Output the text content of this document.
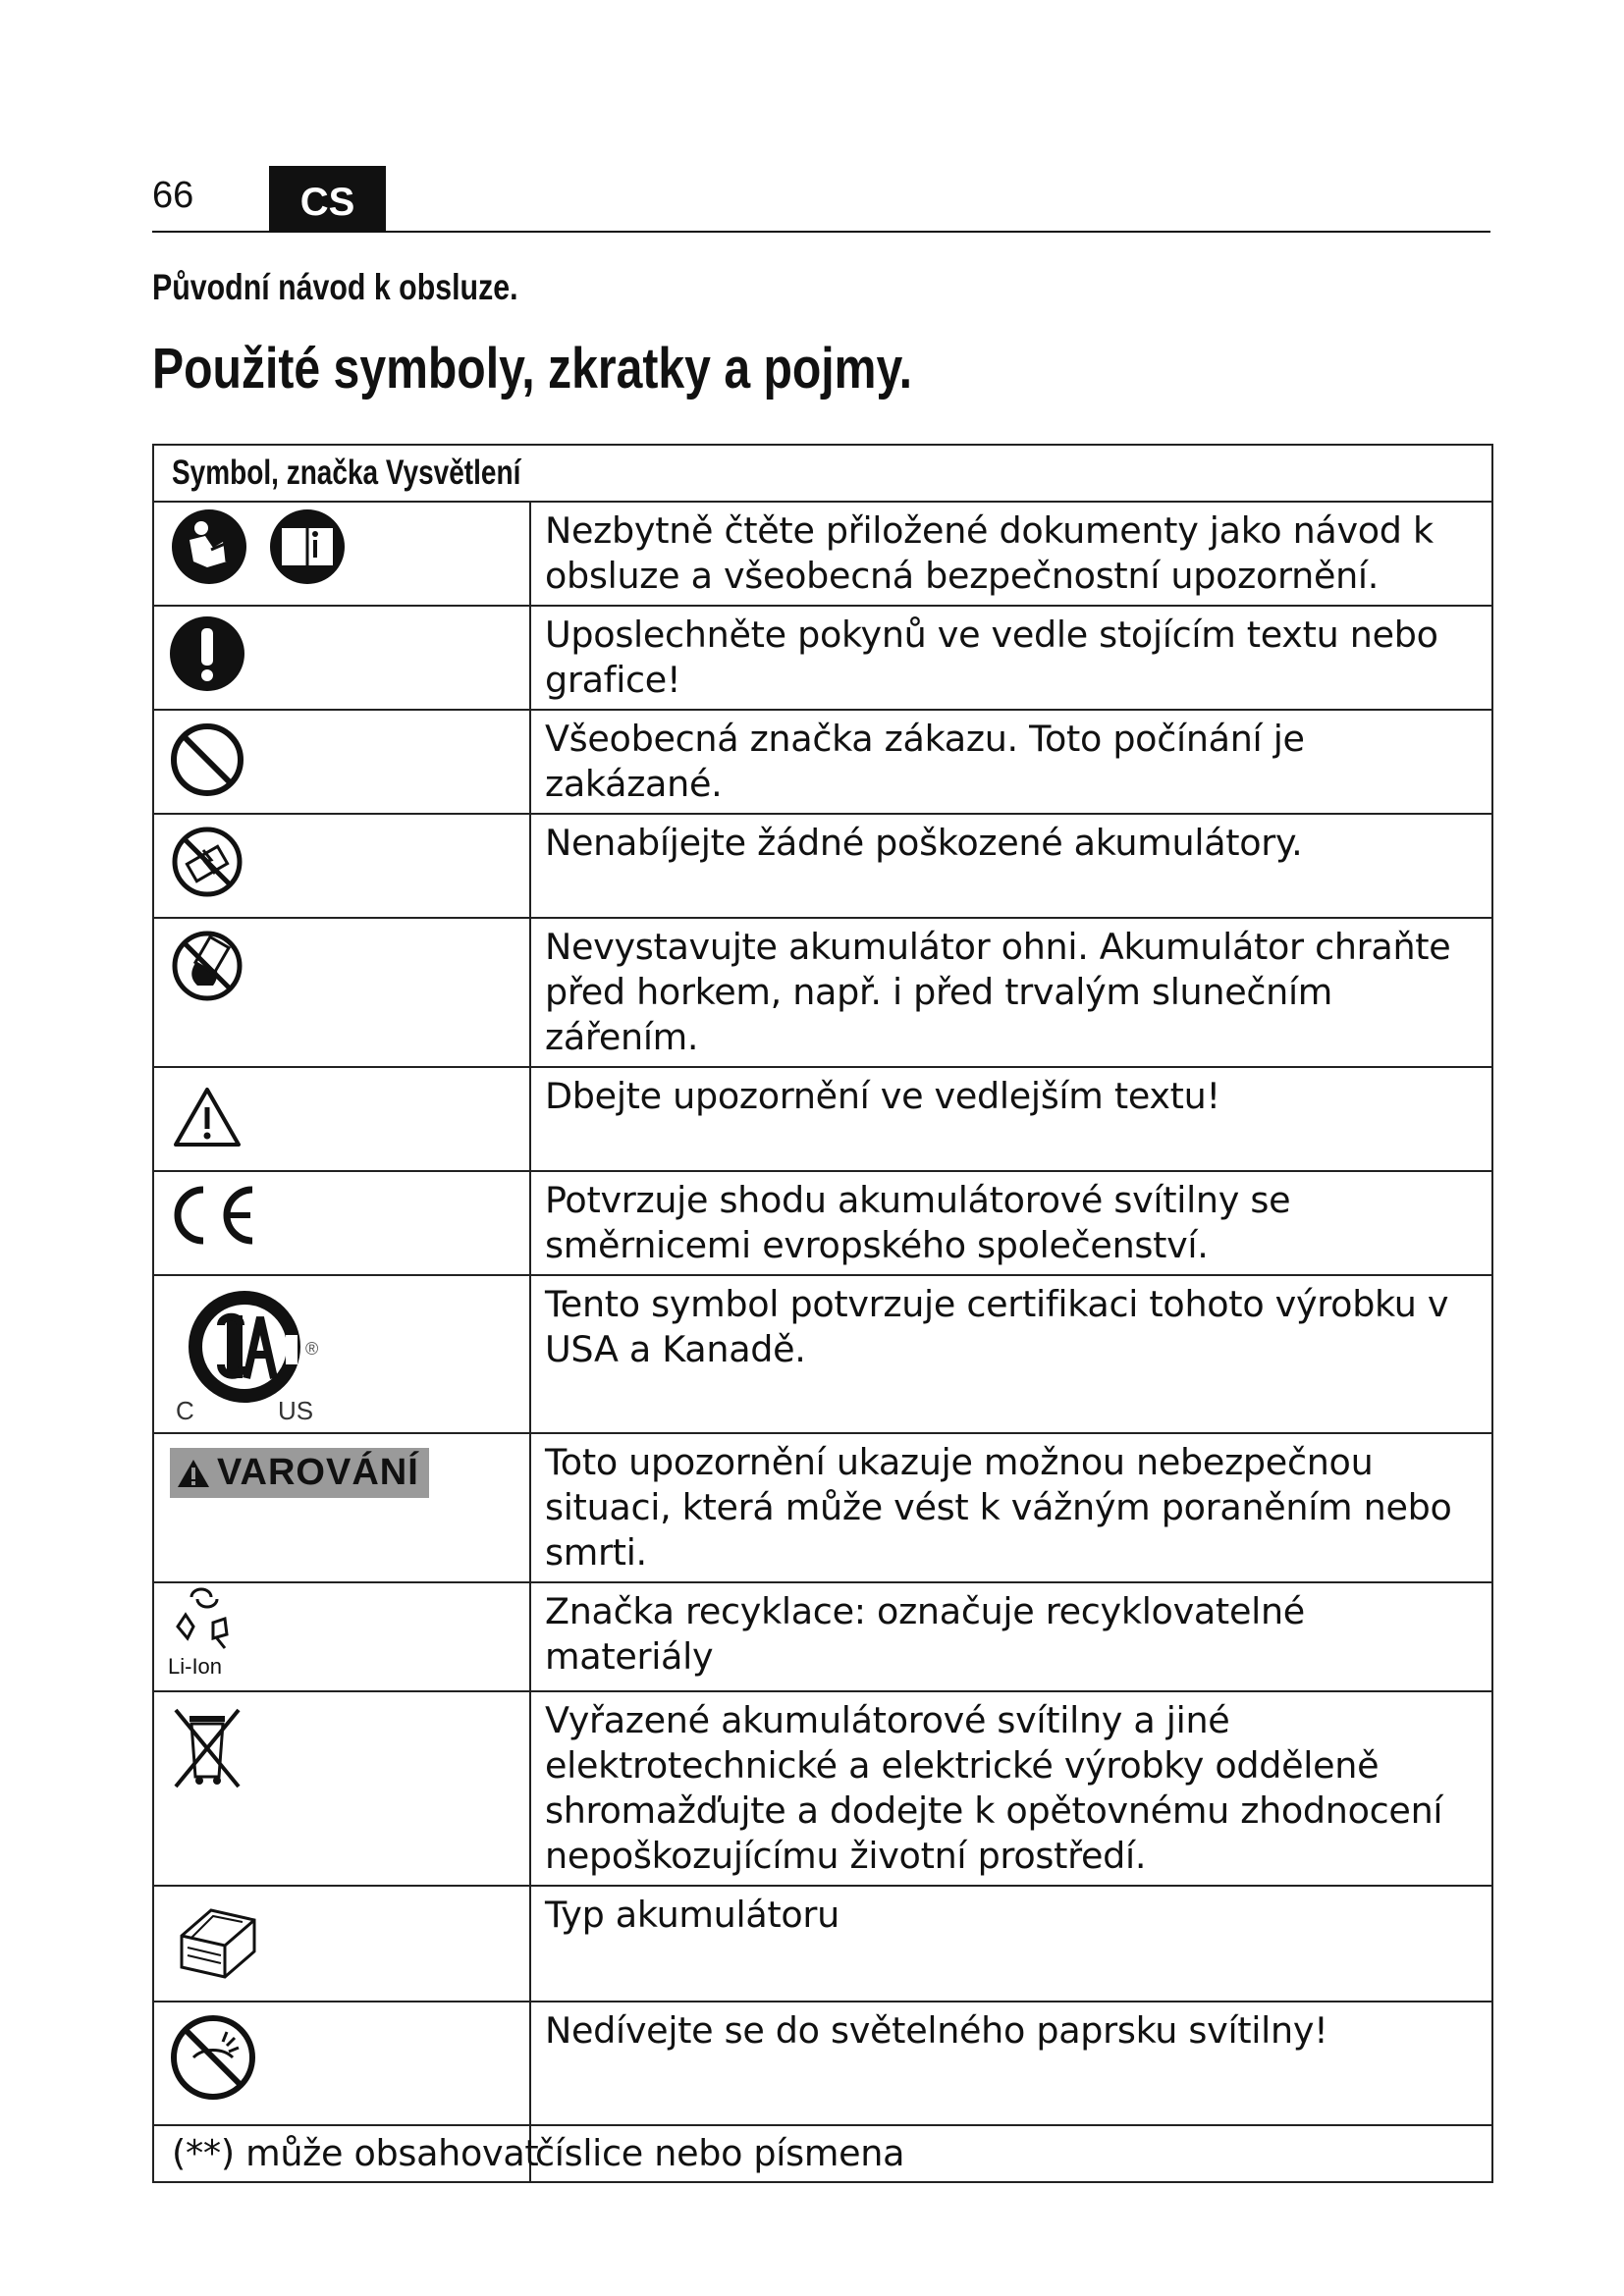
66	CS
Původní návod k obsluze.
Použité symboly, zkratky a pojmy.
Symbol, značka Vysvětlení	

Nezbytně čtěte přiložené dokumenty jako návod k obsluze a všeobecná bezpečnostní upozornění.

Uposlechněte pokynů ve vedle stojícím textu nebo grafice!

Všeobecná značka zákazu. Toto počínání je zakázané.

Nenabíjejte žádné poškozené akumulátory.

Nevystavujte akumulátor ohni. Akumulátor chraňte před horkem, např. i před trvalým slunečním zářením.

Dbejte upozornění ve vedlejším textu!

Potvrzuje shodu akumulátorové svítilny se směrnicemi evropského společenství.

®
C US	Tento symbol potvrzuje certifikaci tohoto výrobku v USA a Kanadě.

VAROVÁNÍ	Toto upozornění ukazuje možnou nebezpečnou situaci, která může vést k vážným poraněním nebo smrti.

Li-Ion	Značka recyklace: označuje recyklovatelné materiály

Vyřazené akumulátorové svítilny a jiné elektrotechnické a elektrické výrobky odděleně shromažďujte a dodejte k opětovnému zhodnocení nepoškozujícímu životní prostředí.

Typ akumulátoru

Nedívejte se do světelného paprsku svítilny!

(**) může obsahovat	číslice nebo písmena
